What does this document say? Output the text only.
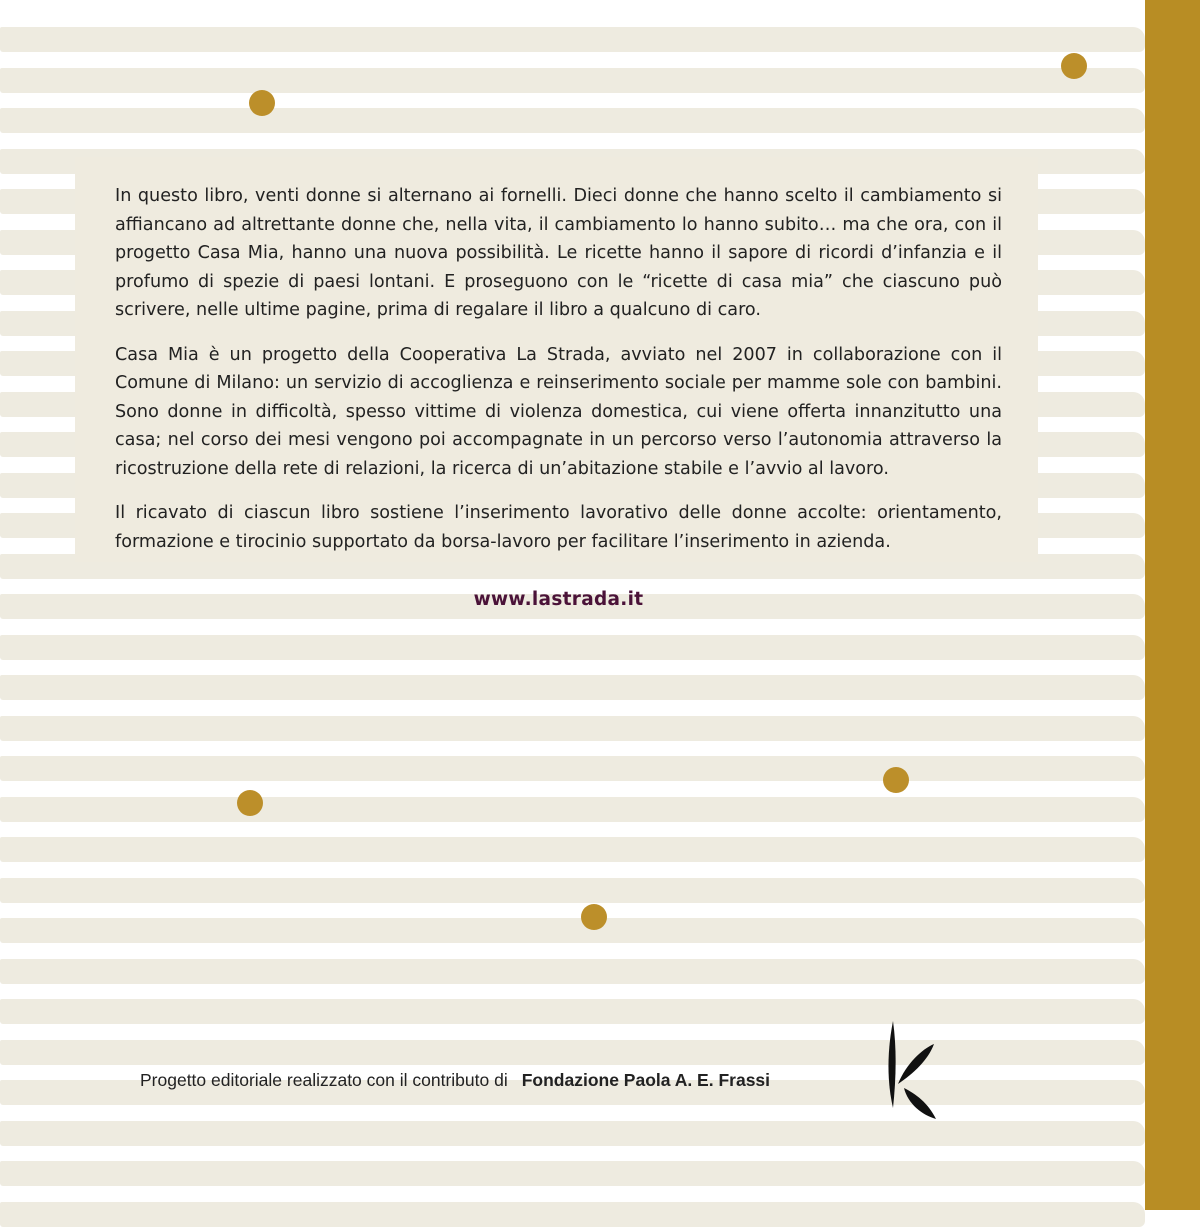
In questo libro, venti donne si alternano ai fornelli. Dieci donne che hanno scelto il cambiamento si affiancano ad altrettante donne che, nella vita, il cambiamento lo hanno subito… ma che ora, con il progetto Casa Mia, hanno una nuova possibilità. Le ricette hanno il sapore di ricordi d’infanzia e il profumo di spezie di paesi lontani. E proseguono con le “ricette di casa mia” che ciascuno può scrivere, nelle ultime pagine, prima di regalare il libro a qualcuno di caro.

Casa Mia è un progetto della Cooperativa La Strada, avviato nel 2007 in collaborazione con il Comune di Milano: un servizio di accoglienza e reinserimento sociale per mamme sole con bambini. Sono donne in difficoltà, spesso vittime di violenza domestica, cui viene offerta innanzitutto una casa; nel corso dei mesi vengono poi accompagnate in un percorso verso l’autonomia attraverso la ricostruzione della rete di relazioni, la ricerca di un’abitazione stabile e l’avvio al lavoro.

Il ricavato di ciascun libro sostiene l’inserimento lavorativo delle donne accolte: orientamento, formazione e tirocinio supportato da borsa-lavoro per facilitare l’inserimento in azienda.

www.lastrada.it
Progetto editoriale realizzato con il contributo di Fondazione Paola A. E. Frassi
